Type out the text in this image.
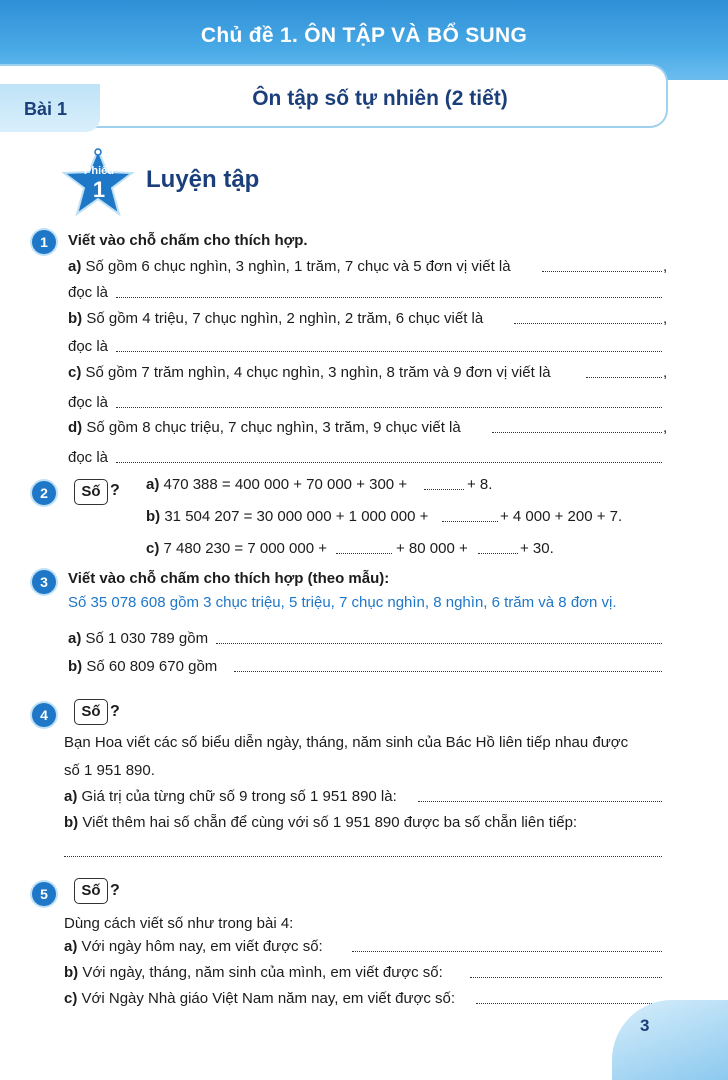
Chủ đề 1. ÔN TẬP VÀ BỔ SUNG
Bài 1	Ôn tập số tự nhiên (2 tiết)
Phiếu
1	Luyện tập
1	Viết vào chỗ chấm cho thích hợp.
a) Số gồm 6 chục nghìn, 3 nghìn, 1 trăm, 7 chục và 5 đơn vị viết là	,
đọc là
b) Số gồm 4 triệu, 7 chục nghìn, 2 nghìn, 2 trăm, 6 chục viết là	,
đọc là
c) Số gồm 7 trăm nghìn, 4 chục nghìn, 3 nghìn, 8 trăm và 9 đơn vị viết là	,
đọc là
d) Số gồm 8 chục triệu, 7 chục nghìn, 3 trăm, 9 chục viết là	,
đọc là
2	Số ? a) 470 388 = 400 000 + 70 000 + 300 +	+ 8.
b) 31 504 207 = 30 000 000 + 1 000 000 +	+ 4 000 + 200 + 7.
c) 7 480 230 = 7 000 000 +	+ 80 000 +	+ 30.
3	Viết vào chỗ chấm cho thích hợp (theo mẫu):
Số 35 078 608 gồm 3 chục triệu, 5 triệu, 7 chục nghìn, 8 nghìn, 6 trăm và 8 đơn vị.
a) Số 1 030 789 gồm
b) Số 60 809 670 gồm
4	Số ?
Bạn Hoa viết các số biểu diễn ngày, tháng, năm sinh của Bác Hồ liên tiếp nhau được
số 1 951 890.
a) Giá trị của từng chữ số 9 trong số 1 951 890 là:
b) Viết thêm hai số chẵn để cùng với số 1 951 890 được ba số chẵn liên tiếp:
5	Số ?
Dùng cách viết số như trong bài 4:
a) Với ngày hôm nay, em viết được số:
b) Với ngày, tháng, năm sinh của mình, em viết được số:
c) Với Ngày Nhà giáo Việt Nam năm nay, em viết được số:
3
